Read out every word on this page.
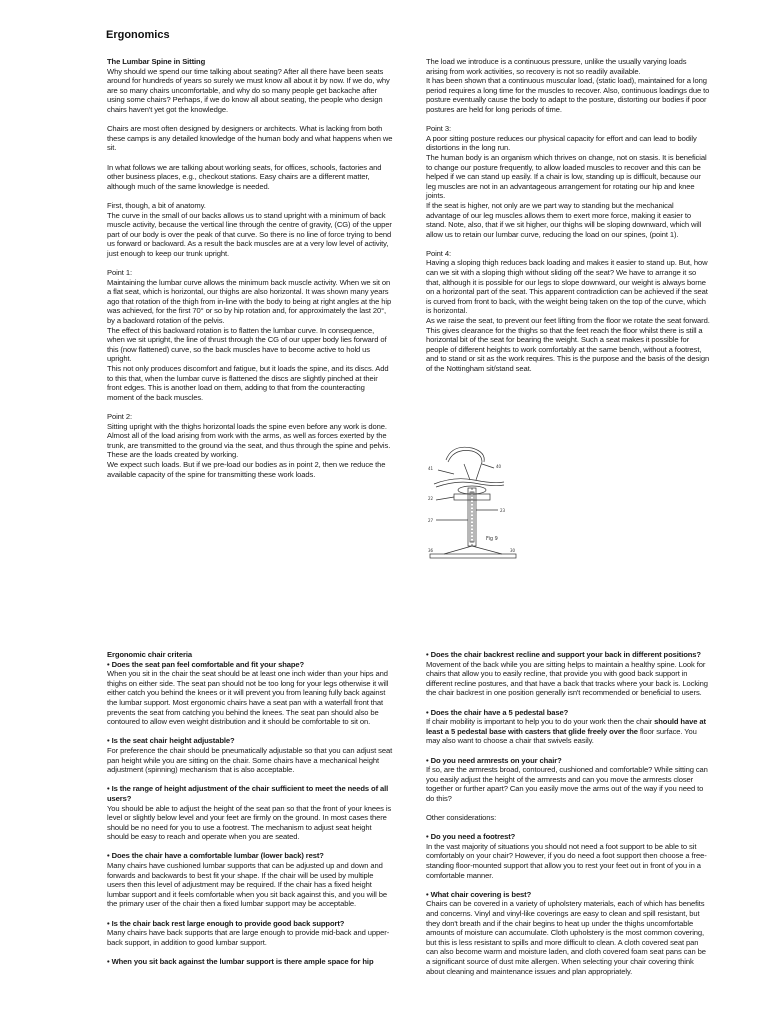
Ergonomics

The Lumbar Spine in Sitting
Why should we spend our time talking about seating? After all there have been seats around for hundreds of years so surely we must know all about it by now. If we do, why are so many chairs uncomfortable, and why do so many people get backache after using some chairs? Perhaps, if we do know all about seating, the people who design chairs haven't yet got the knowledge.

Chairs are most often designed by designers or architects. What is lacking from both these camps is any detailed knowledge of the human body and what happens when we sit.

In what follows we are talking about working seats, for offices, schools, factories and other business places, e.g., checkout stations. Easy chairs are a different matter, although much of the same knowledge is needed.

First, though, a bit of anatomy.
The curve in the small of our backs allows us to stand upright with a minimum of back muscle activity, because the vertical line through the centre of gravity, (CG) of the upper part of our body is over the peak of that curve. So there is no line of force trying to bend us forward or backward. As a result the back muscles are at a very low level of activity, just enough to keep our trunk upright.

Point 1:
Maintaining the lumbar curve allows the minimum back muscle activity. When we sit on a flat seat, which is horizontal, our thighs are also horizontal. It was shown many years ago that rotation of the thigh from in-line with the body to being at right angles at the hip was achieved, for the first 70° or so by hip rotation and, for approximately the last 20°, by a backward rotation of the pelvis.
The effect of this backward rotation is to flatten the lumbar curve. In consequence, when we sit upright, the line of thrust through the CG of our upper body lies forward of this (now flattened) curve, so the back muscles have to become active to hold us upright.
This not only produces discomfort and fatigue, but it loads the spine, and its discs. Add to this that, when the lumbar curve is flattened the discs are slightly pinched at their front edges. This is another load on them, adding to that from the counteracting moment of the back muscles.

Point 2:
Sitting upright with the thighs horizontal loads the spine even before any work is done.
Almost all of the load arising from work with the arms, as well as forces exerted by the trunk, are transmitted to the ground via the seat, and thus through the spine and pelvis. These are the loads created by working.
We expect such loads. But if we pre-load our bodies as in point 2, then we reduce the available capacity of the spine for transmitting these work loads.

The load we introduce is a continuous pressure, unlike the usually varying loads arising from work activities, so recovery is not so readily available.
It has been shown that a continuous muscular load, (static load), maintained for a long period requires a long time for the muscles to recover. Also, continuous loadings due to posture eventually cause the body to adapt to the posture, distorting our bodies if poor postures are held for long periods of time.

Point 3:
A poor sitting posture reduces our physical capacity for effort and can lead to bodily distortions in the long run.
The human body is an organism which thrives on change, not on stasis. It is beneficial to change our posture frequently, to allow loaded muscles to recover and this can be helped if we can stand up easily. If a chair is low, standing up is difficult, because our leg muscles are not in an advantageous arrangement for rotating our hip and knee joints.
If the seat is higher, not only are we part way to standing but the mechanical advantage of our leg muscles allows them to exert more force, making it easier to stand. Note, also, that if we sit higher, our thighs will be sloping downward, which will allow us to retain our lumbar curve, reducing the load on our spines, (point 1).

Point 4:
Having a sloping thigh reduces back loading and makes it easier to stand up. But, how can we sit with a sloping thigh without sliding off the seat? We have to arrange it so that, although it is possible for our legs to slope downward, our weight is always borne on a horizontal part of the seat. This apparent contradiction can be achieved if the seat is curved from front to back, with the weight being taken on the top of the curve, which is horizontal.
As we raise the seat, to prevent our feet lifting from the floor we rotate the seat forward. This gives clearance for the thighs so that the feet reach the floor whilst there is still a horizontal bit of the seat for bearing the weight. Such a seat makes it possible for people of different heights to work comfortably at the same bench, without a footrest, and to stand or sit as the work requires. This is the purpose and the basis of the design of the Nottingham sit/stand seat.

41
22
27
40
23
36	30
Fig 9

Ergonomic chair criteria
• Does the seat pan feel comfortable and fit your shape?
When you sit in the chair the seat should be at least one inch wider than your hips and thighs on either side. The seat pan should not be too long for your legs otherwise it will either catch you behind the knees or it will prevent you from leaning fully back against the lumbar support. Most ergonomic chairs have a seat pan with a waterfall front that prevents the seat from catching you behind the knees. The seat pan should also be contoured to allow even weight distribution and it should be comfortable to sit on.

• Is the seat chair height adjustable?
For preference the chair should be pneumatically adjustable so that you can adjust seat pan height while you are sitting on the chair. Some chairs have a mechanical height adjustment (spinning) mechanism that is also acceptable.

• Is the range of height adjustment of the chair sufficient to meet the needs of all users?
You should be able to adjust the height of the seat pan so that the front of your knees is level or slightly below level and your feet are firmly on the ground. In most cases there should be no need for you to use a footrest. The mechanism to adjust seat height should be easy to reach and operate when you are seated.

• Does the chair have a comfortable lumbar (lower back) rest?
Many chairs have cushioned lumbar supports that can be adjusted up and down and forwards and backwards to best fit your shape. If the chair will be used by multiple users then this level of adjustment may be required. If the chair has a fixed height lumbar support and it feels comfortable when you sit back against this, and you will be the primary user of the chair then a fixed lumbar support may be acceptable.

• Is the chair back rest large enough to provide good back support?
Many chairs have back supports that are large enough to provide mid-back and upper-back support, in addition to good lumbar support.

• When you sit back against the lumbar support is there ample space for hip

• Does the chair backrest recline and support your back in different positions?
Movement of the back while you are sitting helps to maintain a healthy spine. Look for chairs that allow you to easily recline, that provide you with good back support in different recline postures, and that have a back that tracks where your back is. Locking the chair backrest in one position generally isn't recommended or beneficial to users.

• Does the chair have a 5 pedestal base?
If chair mobility is important to help you to do your work then the chair should have at least a 5 pedestal base with casters that glide freely over the floor surface. You may also want to choose a chair that swivels easily.

• Do you need armrests on your chair?
If so, are the armrests broad, contoured, cushioned and comfortable? While sitting can you easily adjust the height of the armrests and can you move the armrests closer together or further apart? Can you easily move the arms out of the way if you need to do this?

Other considerations:

• Do you need a footrest?
In the vast majority of situations you should not need a foot support to be able to sit comfortably on your chair? However, if you do need a foot support then choose a free-standing floor-mounted support that allow you to rest your feet out in front of you in a comfortable manner.

• What chair covering is best?
Chairs can be covered in a variety of upholstery materials, each of which has benefits and concerns. Vinyl and vinyl-like coverings are easy to clean and spill resistant, but they don't breath and if the chair begins to heat up under the thighs uncomfortable amounts of moisture can accumulate. Cloth upholstery is the most common covering, but this is less resistant to spills and more difficult to clean. A cloth covered seat pan can also become warm and moisture laden, and cloth covered foam seat pans can be a significant source of dust mite allergen. When selecting your chair covering think about cleaning and maintenance issues and plan appropriately.
